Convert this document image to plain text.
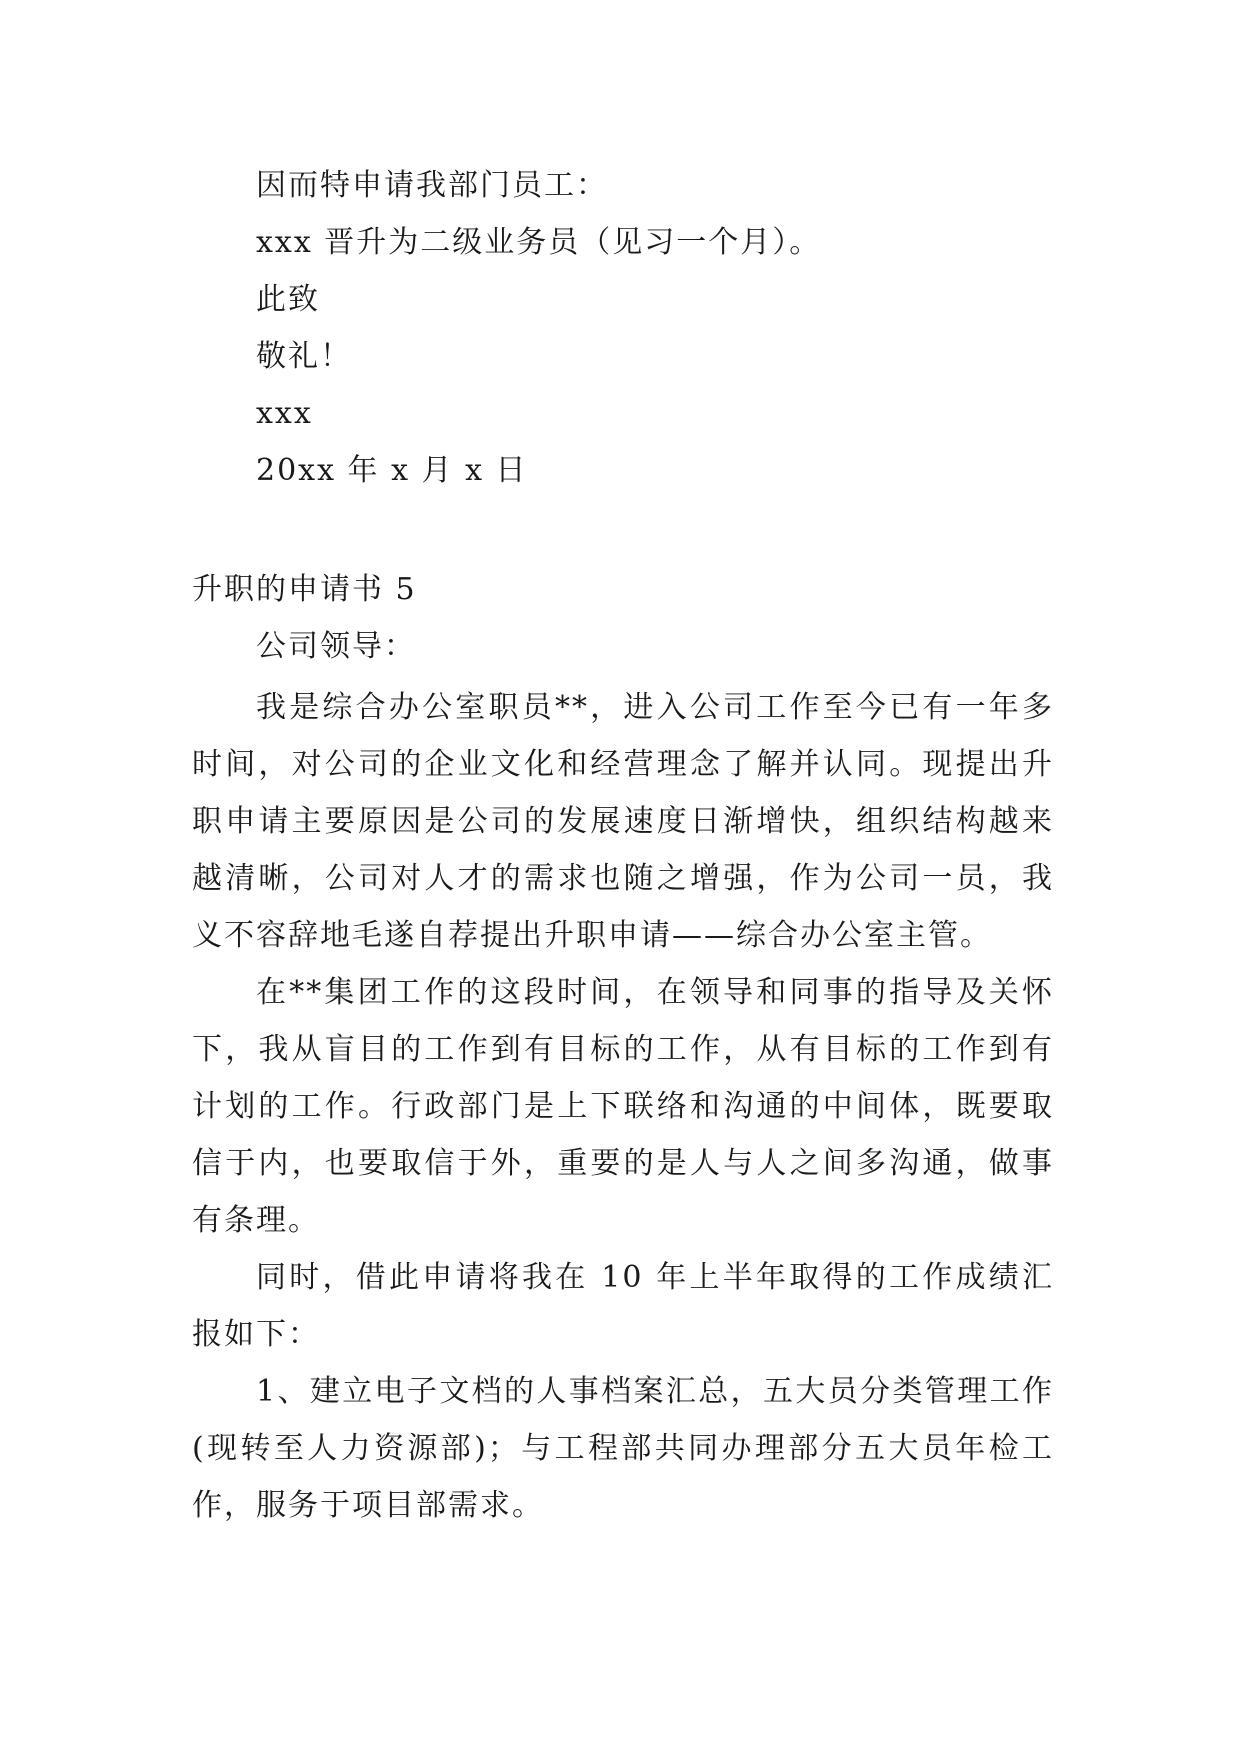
因而特申请我部门员工：
xxx 晋升为二级业务员（见习一个月）。
此致
敬礼！
xxx
20xx 年 x 月 x 日
升职的申请书 5
公司领导：

我是综合办公室职员**，进入公司工作至今已有一年多时间，对公司的企业文化和经营理念了解并认同。现提出升职申请主要原因是公司的发展速度日渐增快，组织结构越来越清晰，公司对人才的需求也随之增强，作为公司一员，我义不容辞地毛遂自荐提出升职申请——综合办公室主管。

在**集团工作的这段时间，在领导和同事的指导及关怀下，我从盲目的工作到有目标的工作，从有目标的工作到有计划的工作。行政部门是上下联络和沟通的中间体，既要取信于内，也要取信于外，重要的是人与人之间多沟通，做事有条理。

同时，借此申请将我在 10 年上半年取得的工作成绩汇报如下：

1、建立电子文档的人事档案汇总，五大员分类管理工作(现转至人力资源部)；与工程部共同办理部分五大员年检工作，服务于项目部需求。
